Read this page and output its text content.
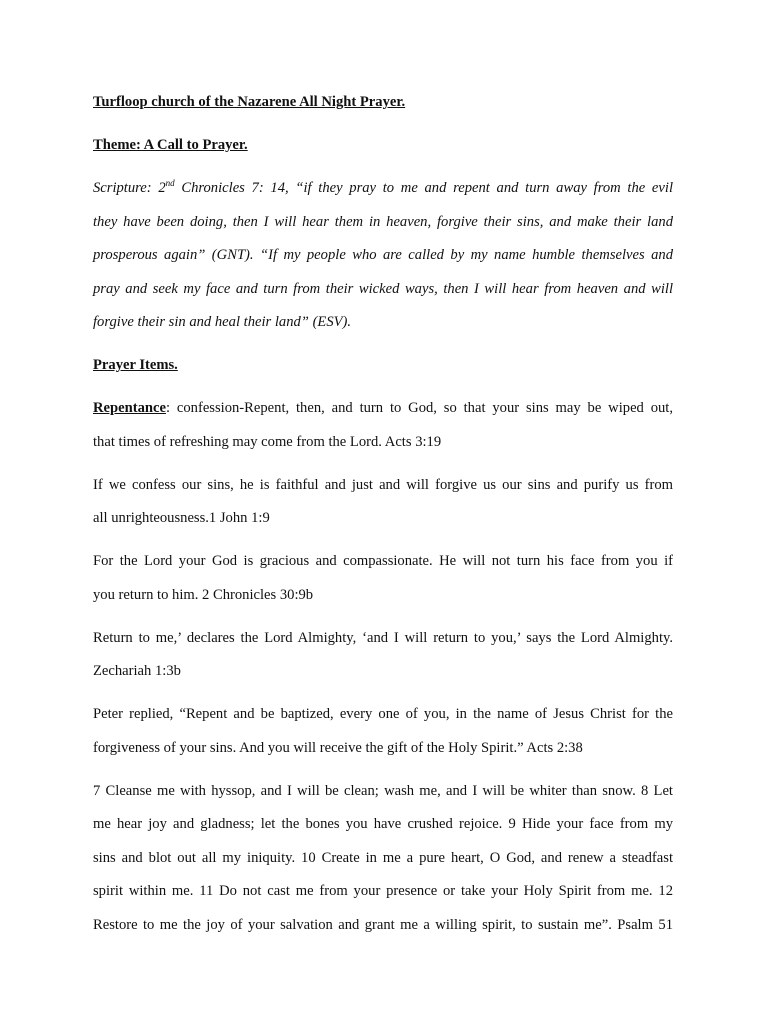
Turfloop church of the Nazarene All Night Prayer.
Theme: A Call to Prayer.
Scripture: 2nd Chronicles 7: 14, “if they pray to me and repent and turn away from the evil
they have been doing, then I will hear them in heaven, forgive their sins, and make their land
prosperous again” (GNT). “If my people who are called by my name humble themselves and
pray and seek my face and turn from their wicked ways, then I will hear from heaven and will
forgive their sin and heal their land” (ESV).
Prayer Items.
Repentance: confession-Repent, then, and turn to God, so that your sins may be wiped out,
that times of refreshing may come from the Lord. Acts 3:19
If we confess our sins, he is faithful and just and will forgive us our sins and purify us from
all unrighteousness.1 John 1:9
For the Lord your God is gracious and compassionate. He will not turn his face from you if
you return to him. 2 Chronicles 30:9b
Return to me,’ declares the Lord Almighty, ‘and I will return to you,’ says the Lord Almighty.
Zechariah 1:3b
Peter replied, “Repent and be baptized, every one of you, in the name of Jesus Christ for the
forgiveness of your sins. And you will receive the gift of the Holy Spirit.” Acts 2:38
7 Cleanse me with hyssop, and I will be clean; wash me, and I will be whiter than snow. 8 Let
me hear joy and gladness; let the bones you have crushed rejoice. 9 Hide your face from my
sins and blot out all my iniquity. 10 Create in me a pure heart, O God, and renew a steadfast
spirit within me. 11 Do not cast me from your presence or take your Holy Spirit from me. 12
Restore to me the joy of your salvation and grant me a willing spirit, to sustain me”. Psalm 51
